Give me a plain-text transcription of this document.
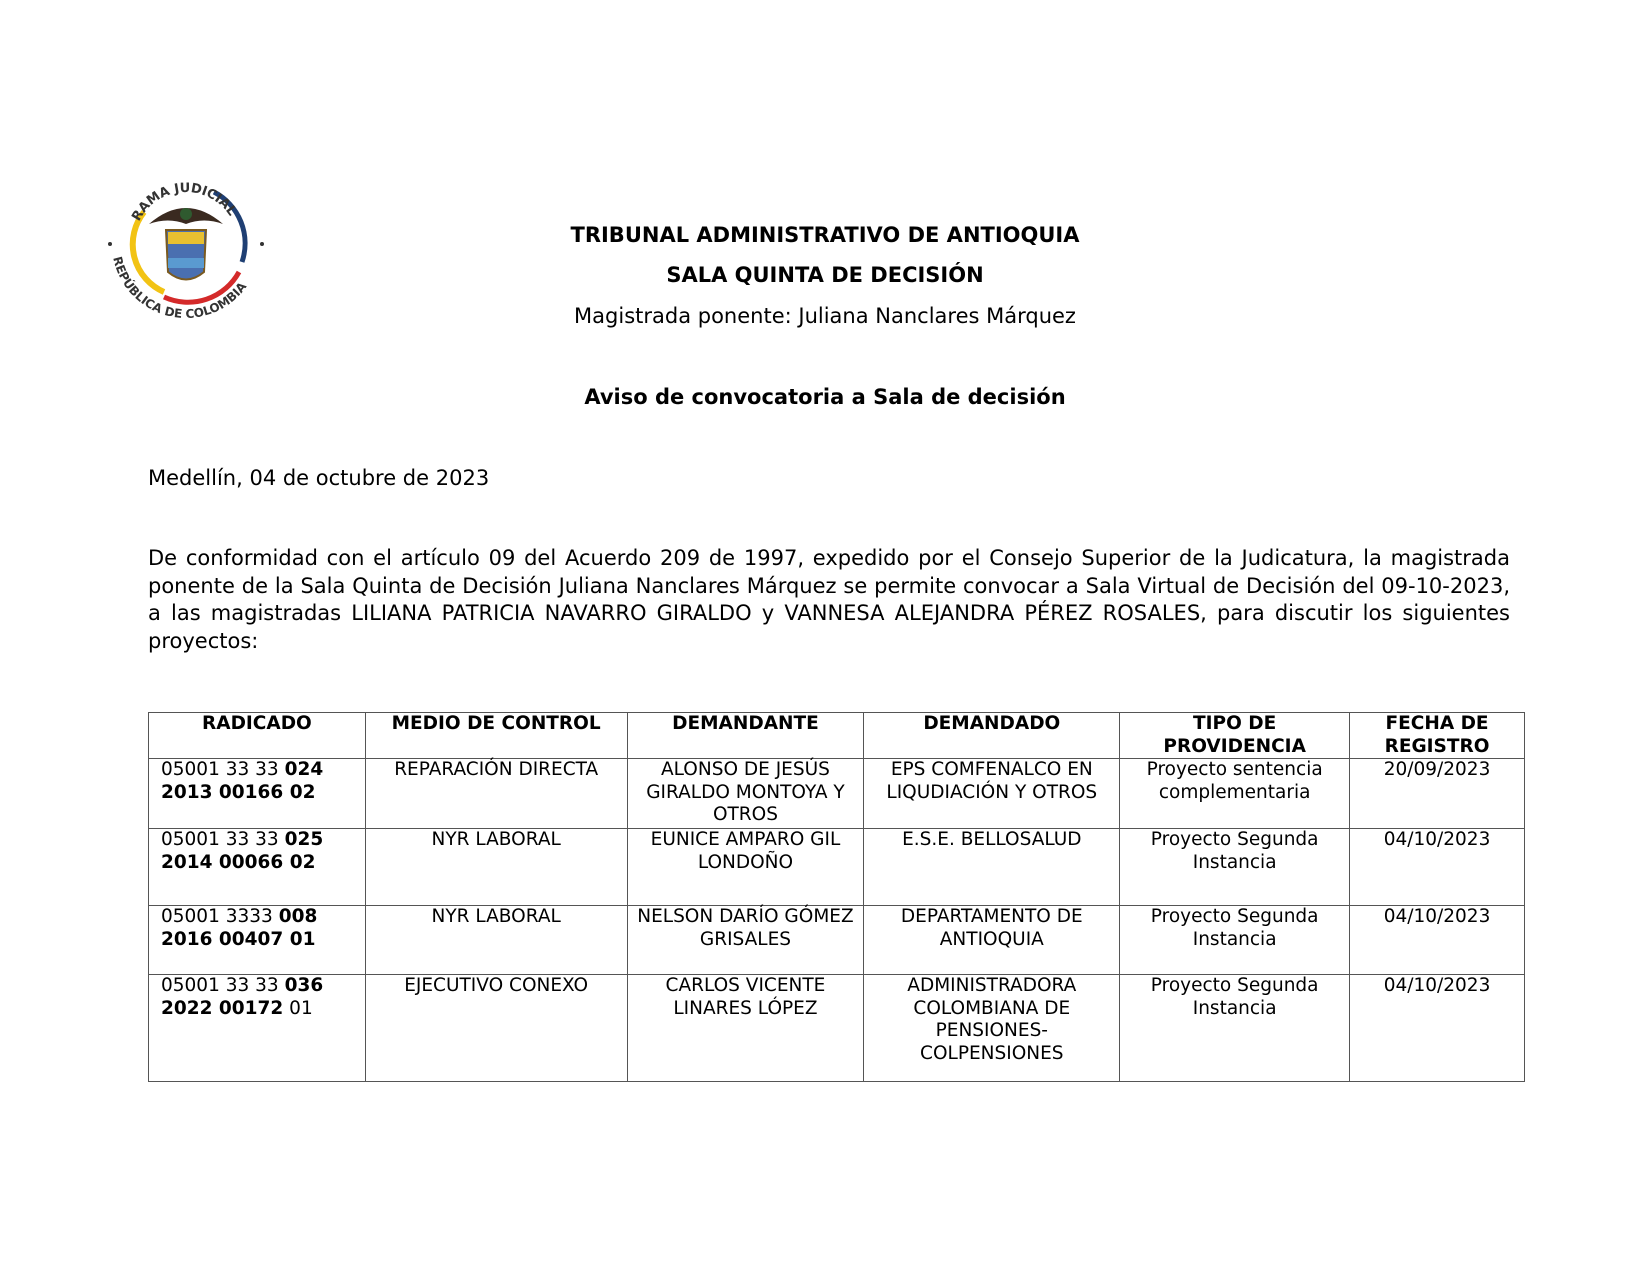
RAMA JUDICIAL
REPÚBLICA DE COLOMBIA
TRIBUNAL ADMINISTRATIVO DE ANTIOQUIA
SALA QUINTA DE DECISIÓN
Magistrada ponente: Juliana Nanclares Márquez
Aviso de convocatoria a Sala de decisión
Medellín, 04 de octubre de 2023
De conformidad con el artículo 09 del Acuerdo 209 de 1997, expedido por el Consejo Superior de la Judicatura, la magistrada ponente de la Sala Quinta de Decisión Juliana Nanclares Márquez se permite convocar a Sala Virtual de Decisión del 09-10-2023, a las magistradas LILIANA PATRICIA NAVARRO GIRALDO y VANNESA ALEJANDRA PÉREZ ROSALES, para discutir los siguientes proyectos:
RADICADO	MEDIO DE CONTROL	DEMANDANTE	DEMANDADO	TIPO DE PROVIDENCIA	FECHA DE REGISTRO
05001 33 33 024 2013 00166 02	REPARACIÓN DIRECTA	ALONSO DE JESÚS GIRALDO MONTOYA Y OTROS	EPS COMFENALCO EN LIQUDIACIÓN Y OTROS	Proyecto sentencia complementaria	20/09/2023
05001 33 33 025 2014 00066 02	NYR LABORAL	EUNICE AMPARO GIL LONDOÑO	E.S.E. BELLOSALUD	Proyecto Segunda Instancia	04/10/2023
05001 3333 008 2016 00407 01	NYR LABORAL	NELSON DARÍO GÓMEZ GRISALES	DEPARTAMENTO DE ANTIOQUIA	Proyecto Segunda Instancia	04/10/2023
05001 33 33 036 2022 00172 01	EJECUTIVO CONEXO	CARLOS VICENTE LINARES LÓPEZ	ADMINISTRADORA COLOMBIANA DE PENSIONES-COLPENSIONES	Proyecto Segunda Instancia	04/10/2023
